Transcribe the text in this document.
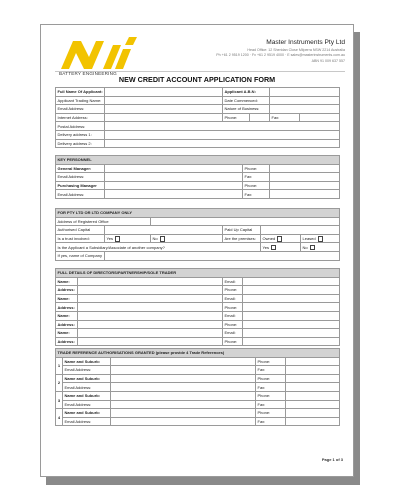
BATTERY ENGINEERING
Master Instruments Pty Ltd
Head Office: 12 Sheridan Close Milperra NSW 2214 Australia
Ph +61 2 9519 1200 · Fx +61 2 9519 4000 · E sales@masterinstruments.com.au
ABN 91 009 637 557
NEW CREDIT ACCOUNT APPLICATION FORM
Full Name Of Applicant:		Applicant A.B.N:			
Applicant Trading Name:		Date Commenced:			
Email Address:		Nature of Business:			
Internet Address:		Phone:		Fax:	
Postal Address:					
Delivery address 1:					
Delivery address 2:					
KEY PERSONNEL			
General Manager:		Phone:	
Email Address:		Fax:	
Purchasing Manager		Phone:	
Email Address:		Fax:	
FOR PTY LTD OR LTD COMPANY ONLY					
Address of Registered Office					
Authorised Capital			Paid Up Capital		
Is a trust involved:	Yes	No	Are the premises:	Owned	Leased
Is the Applicant a Subsidiary/Associate of another company?				Yes	No
If yes, name of Company					
FULL DETAILS OF DIRECTORS/PARTNERSHIP/SOLE TRADER			
Name:		Email:	
Address:		Phone:	
Name:		Email:	
Address:		Phone:	
Name:		Email:	
Address:		Phone:	
Name:		Email:	
Address:		Phone:	
TRADE REFERENCE AUTHORISATIONS GRANTED (please provide 4 Trade References)				
1	Name and Suburb:		Phone:	
	Email Address:		Fax:	
2	Name and Suburb:		Phone:	
	Email Address:		Fax:	
3	Name and Suburb:		Phone:	
	Email Address:		Fax:	
4	Name and Suburb:		Phone:	
	Email Address:		Fax:	
Page 1 of 3
